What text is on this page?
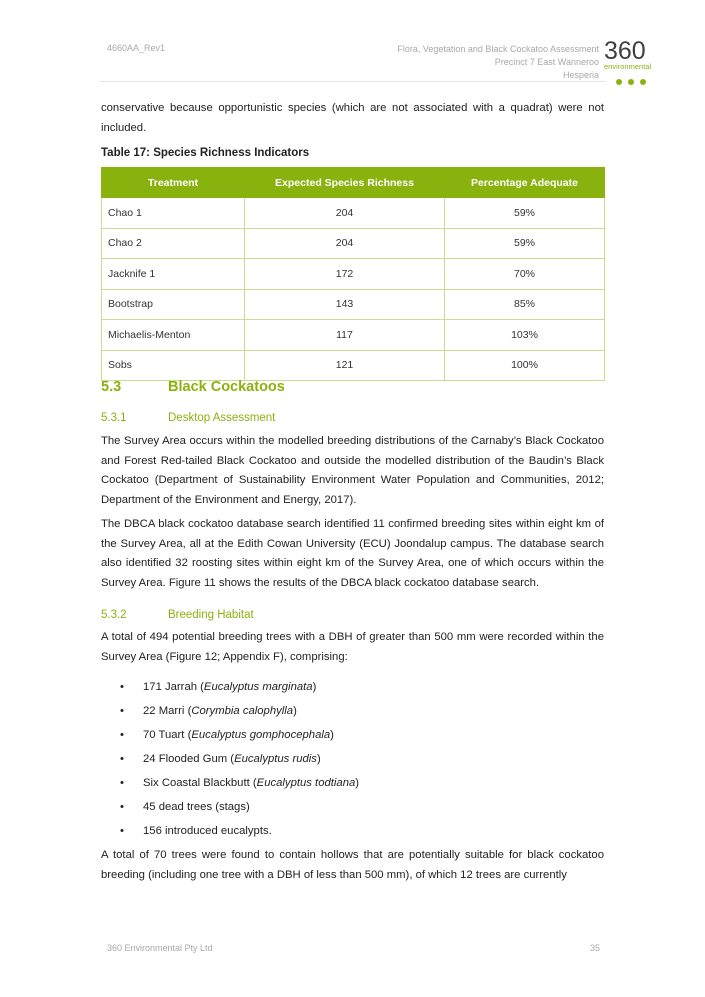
4660AA_Rev1	Flora, Vegetation and Black Cockatoo Assessment
Precinct 7 East Wanneroo
Hesperia
360
environmental
conservative because opportunistic species (which are not associated with a quadrat) were not included.
Table 17: Species Richness Indicators
Treatment	Expected Species Richness	Percentage Adequate
Chao 1	204	59%
Chao 2	204	59%
Jacknife 1	172	70%
Bootstrap	143	85%
Michaelis-Menton	117	103%
Sobs	121	100%
5.3	Black Cockatoos
5.3.1	Desktop Assessment
The Survey Area occurs within the modelled breeding distributions of the Carnaby’s Black Cockatoo and Forest Red-tailed Black Cockatoo and outside the modelled distribution of the Baudin’s Black Cockatoo (Department of Sustainability Environment Water Population and Communities, 2012; Department of the Environment and Energy, 2017).
The DBCA black cockatoo database search identified 11 confirmed breeding sites within eight km of the Survey Area, all at the Edith Cowan University (ECU) Joondalup campus. The database search also identified 32 roosting sites within eight km of the Survey Area, one of which occurs within the Survey Area. Figure 11 shows the results of the DBCA black cockatoo database search.
5.3.2	Breeding Habitat
A total of 494 potential breeding trees with a DBH of greater than 500 mm were recorded within the Survey Area (Figure 12; Appendix F), comprising:
• 171 Jarrah (Eucalyptus marginata)
• 22 Marri (Corymbia calophylla)
• 70 Tuart (Eucalyptus gomphocephala)
• 24 Flooded Gum (Eucalyptus rudis)
• Six Coastal Blackbutt (Eucalyptus todtiana)
• 45 dead trees (stags)
• 156 introduced eucalypts.
A total of 70 trees were found to contain hollows that are potentially suitable for black cockatoo breeding (including one tree with a DBH of less than 500 mm), of which 12 trees are currently
360 Environmental Pty Ltd	35
